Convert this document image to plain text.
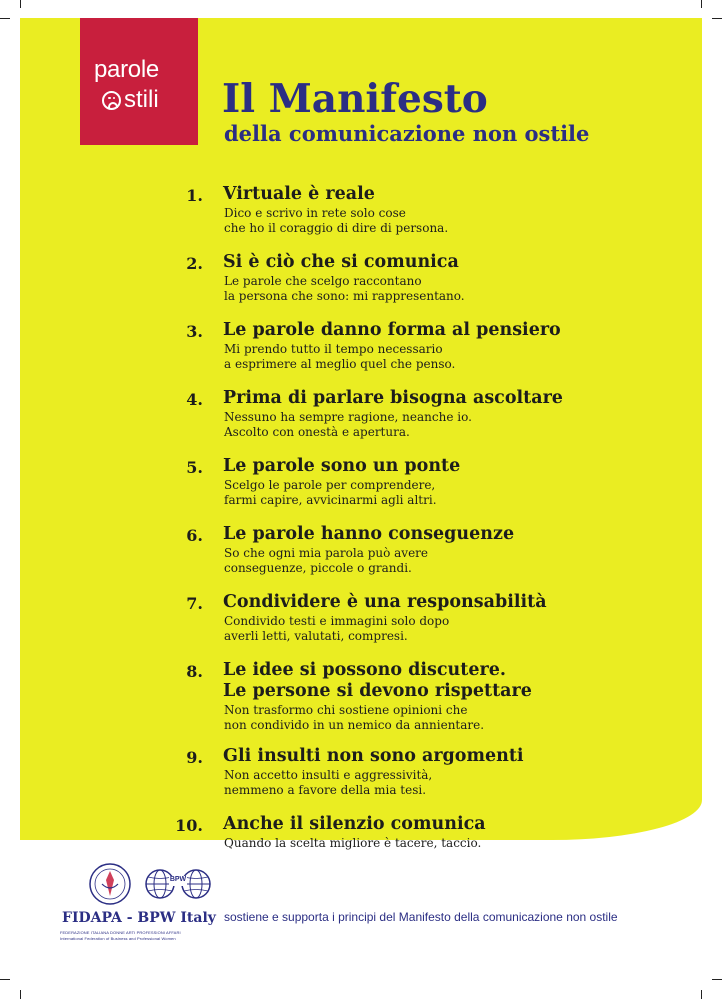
parole
stili Il Manifesto
della comunicazione non ostile
1. Virtuale è reale
Dico e scrivo in rete solo cose
che ho il coraggio di dire di persona.
2. Si è ciò che si comunica
Le parole che scelgo raccontano
la persona che sono: mi rappresentano.
3. Le parole danno forma al pensiero
Mi prendo tutto il tempo necessario
a esprimere al meglio quel che penso.
4. Prima di parlare bisogna ascoltare
Nessuno ha sempre ragione, neanche io.
Ascolto con onestà e apertura.
5. Le parole sono un ponte
Scelgo le parole per comprendere,
farmi capire, avvicinarmi agli altri.
6. Le parole hanno conseguenze
So che ogni mia parola può avere
conseguenze, piccole o grandi.
7. Condividere è una responsabilità
Condivido testi e immagini solo dopo
averli letti, valutati, compresi.
8. Le idee si possono discutere.
Le persone si devono rispettare
Non trasformo chi sostiene opinioni che
non condivido in un nemico da annientare.
9. Gli insulti non sono argomenti
Non accetto insulti e aggressività,
nemmeno a favore della mia tesi.
10. Anche il silenzio comunica
Quando la scelta migliore è tacere, taccio.
BPW
FIDAPA - BPW Italy
FEDERAZIONE ITALIANA DONNE ARTI PROFESSIONI AFFARI
International Federation of Business and Professional Women
sostiene e supporta i principi del Manifesto della comunicazione non ostile
